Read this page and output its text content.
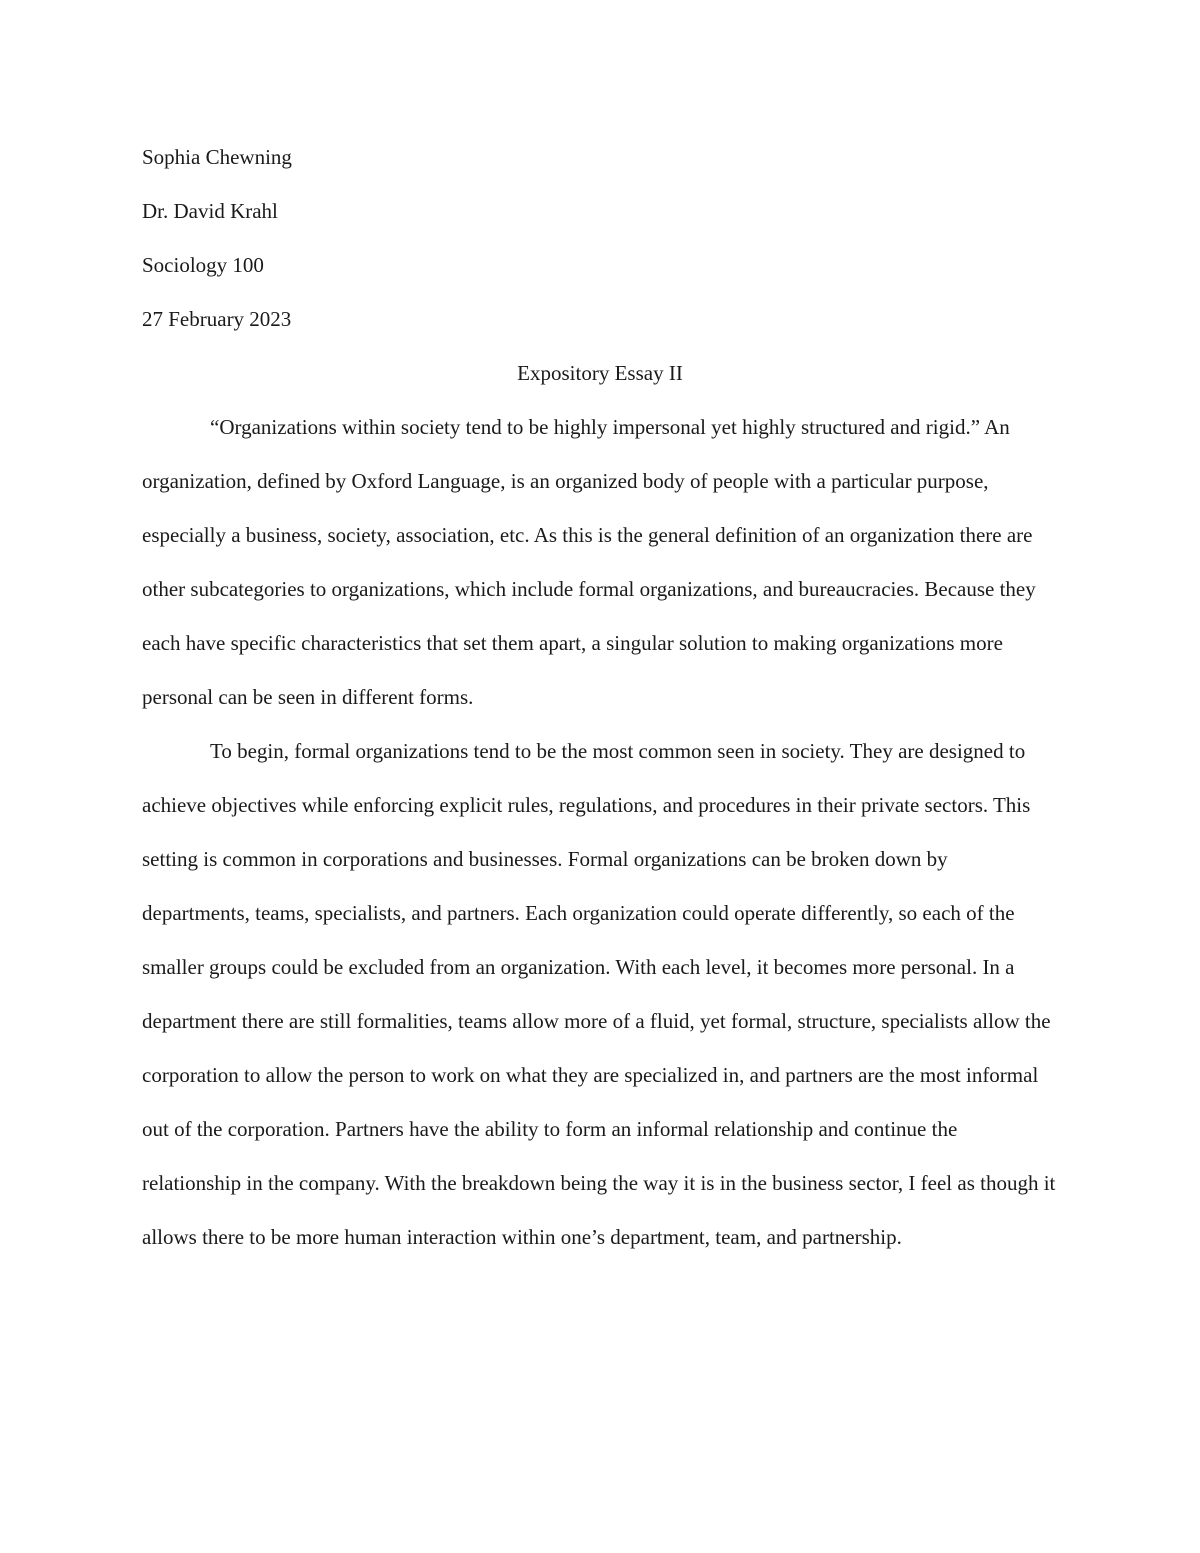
Sophia Chewning

Dr. David Krahl

Sociology 100

27 February 2023

Expository Essay II

“Organizations within society tend to be highly impersonal yet highly structured and rigid.” An organization, defined by Oxford Language, is an organized body of people with a particular purpose, especially a business, society, association, etc. As this is the general definition of an organization there are other subcategories to organizations, which include formal organizations, and bureaucracies. Because they each have specific characteristics that set them apart, a singular solution to making organizations more personal can be seen in different forms.

To begin, formal organizations tend to be the most common seen in society. They are designed to achieve objectives while enforcing explicit rules, regulations, and procedures in their private sectors. This setting is common in corporations and businesses. Formal organizations can be broken down by departments, teams, specialists, and partners. Each organization could operate differently, so each of the smaller groups could be excluded from an organization. With each level, it becomes more personal. In a department there are still formalities, teams allow more of a fluid, yet formal, structure, specialists allow the corporation to allow the person to work on what they are specialized in, and partners are the most informal out of the corporation. Partners have the ability to form an informal relationship and continue the relationship in the company. With the breakdown being the way it is in the business sector, I feel as though it allows there to be more human interaction within one’s department, team, and partnership.
